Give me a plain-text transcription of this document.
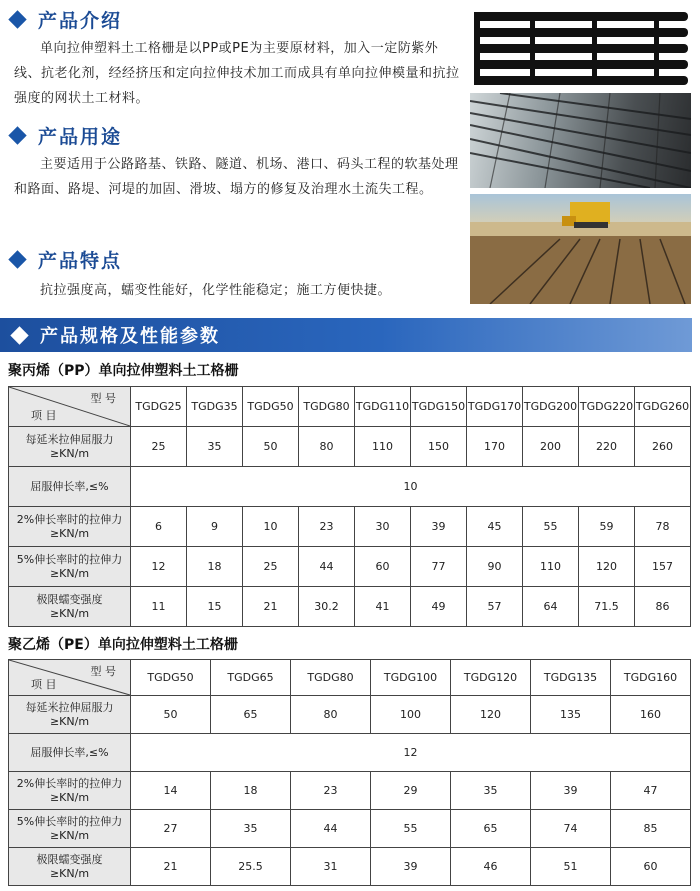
产品介绍
单向拉伸塑料土工格栅是以PP或PE为主要原材料，加入一定防紫外线、抗老化剂，经经挤压和定向拉伸技术加工而成具有单向拉伸模量和抗拉强度的网状土工材料。
产品用途
主要适用于公路路基、铁路、隧道、机场、港口、码头工程的软基处理和路面、路堤、河堤的加固、滑坡、塌方的修复及治理水土流失工程。
产品特点
抗拉强度高，蠕变性能好，化学性能稳定；施工方便快捷。
产品规格及性能参数
聚丙烯（PP）单向拉伸塑料土工格栅
型 号
项 目	TGDG25	TGDG35	TGDG50	TGDG80	TGDG110	TGDG150	TGDG170	TGDG200	TGDG220	TGDG260

每延米拉伸屈服力
≥KN/m	25	35	50	80	110	150	170	200	220	260

屈服伸长率,≤%	10									

2%伸长率时的拉伸力
≥KN/m	6	9	10	23	30	39	45	55	59	78

5%伸长率时的拉伸力
≥KN/m	12	18	25	44	60	77	90	110	120	157

极限蠕变强度
≥KN/m	11	15	21	30.2	41	49	57	64	71.5	86
聚乙烯（PE）单向拉伸塑料土工格栅
型 号
项 目	TGDG50	TGDG65	TGDG80	TGDG100	TGDG120	TGDG135	TGDG160

每延米拉伸屈服力
≥KN/m	50	65	80	100	120	135	160

屈服伸长率,≤%	12						

2%伸长率时的拉伸力
≥KN/m	14	18	23	29	35	39	47

5%伸长率时的拉伸力
≥KN/m	27	35	44	55	65	74	85

极限蠕变强度
≥KN/m	21	25.5	31	39	46	51	60
